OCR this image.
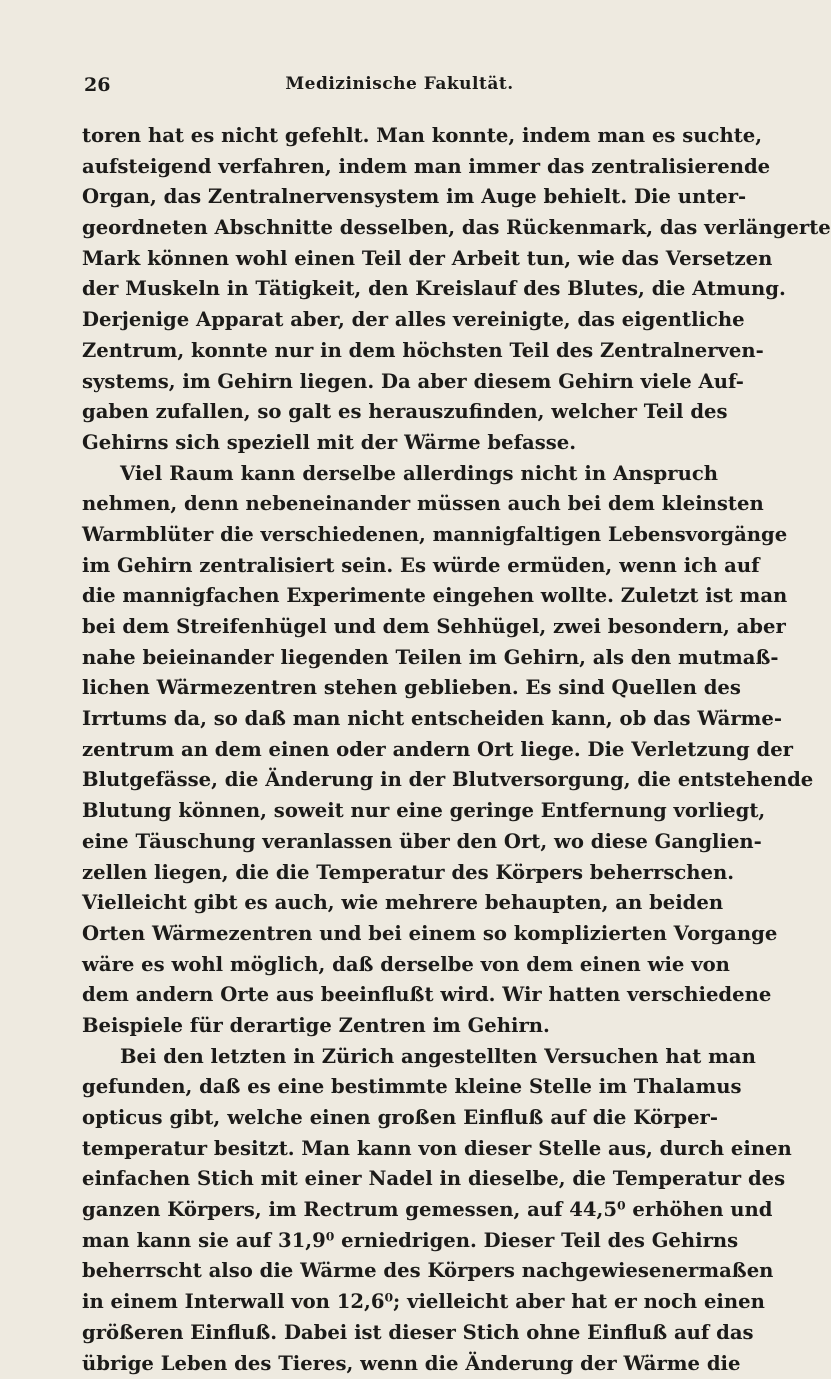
26	Medizinische Fakultät.
toren hat es nicht gefehlt. Man konnte, indem man es suchte,
aufsteigend verfahren, indem man immer das zentralisierende
Organ, das Zentralnervensystem im Auge behielt. Die unter-
geordneten Abschnitte desselben, das Rückenmark, das verlängerte
Mark können wohl einen Teil der Arbeit tun, wie das Versetzen
der Muskeln in Tätigkeit, den Kreislauf des Blutes, die Atmung.
Derjenige Apparat aber, der alles vereinigte, das eigentliche
Zentrum, konnte nur in dem höchsten Teil des Zentralnerven-
systems, im Gehirn liegen. Da aber diesem Gehirn viele Auf-
gaben zufallen, so galt es herauszufinden, welcher Teil des
Gehirns sich speziell mit der Wärme befasse.
Viel Raum kann derselbe allerdings nicht in Anspruch
nehmen, denn nebeneinander müssen auch bei dem kleinsten
Warmblüter die verschiedenen, mannigfaltigen Lebensvorgänge
im Gehirn zentralisiert sein. Es würde ermüden, wenn ich auf
die mannigfachen Experimente eingehen wollte. Zuletzt ist man
bei dem Streifenhügel und dem Sehhügel, zwei besondern, aber
nahe beieinander liegenden Teilen im Gehirn, als den mutmaß-
lichen Wärmezentren stehen geblieben. Es sind Quellen des
Irrtums da, so daß man nicht entscheiden kann, ob das Wärme-
zentrum an dem einen oder andern Ort liege. Die Verletzung der
Blutgefässe, die Änderung in der Blutversorgung, die entstehende
Blutung können, soweit nur eine geringe Entfernung vorliegt,
eine Täuschung veranlassen über den Ort, wo diese Ganglien-
zellen liegen, die die Temperatur des Körpers beherrschen.
Vielleicht gibt es auch, wie mehrere behaupten, an beiden
Orten Wärmezentren und bei einem so komplizierten Vorgange
wäre es wohl möglich, daß derselbe von dem einen wie von
dem andern Orte aus beeinflußt wird. Wir hatten verschiedene
Beispiele für derartige Zentren im Gehirn.
Bei den letzten in Zürich angestellten Versuchen hat man
gefunden, daß es eine bestimmte kleine Stelle im Thalamus
opticus gibt, welche einen großen Einfluß auf die Körper-
temperatur besitzt. Man kann von dieser Stelle aus, durch einen
einfachen Stich mit einer Nadel in dieselbe, die Temperatur des
ganzen Körpers, im Rectrum gemessen, auf 44,5⁰ erhöhen und
man kann sie auf 31,9⁰ erniedrigen. Dieser Teil des Gehirns
beherrscht also die Wärme des Körpers nachgewiesenermaßen
in einem Interwall von 12,6⁰; vielleicht aber hat er noch einen
größeren Einfluß. Dabei ist dieser Stich ohne Einfluß auf das
übrige Leben des Tieres, wenn die Änderung der Wärme die
